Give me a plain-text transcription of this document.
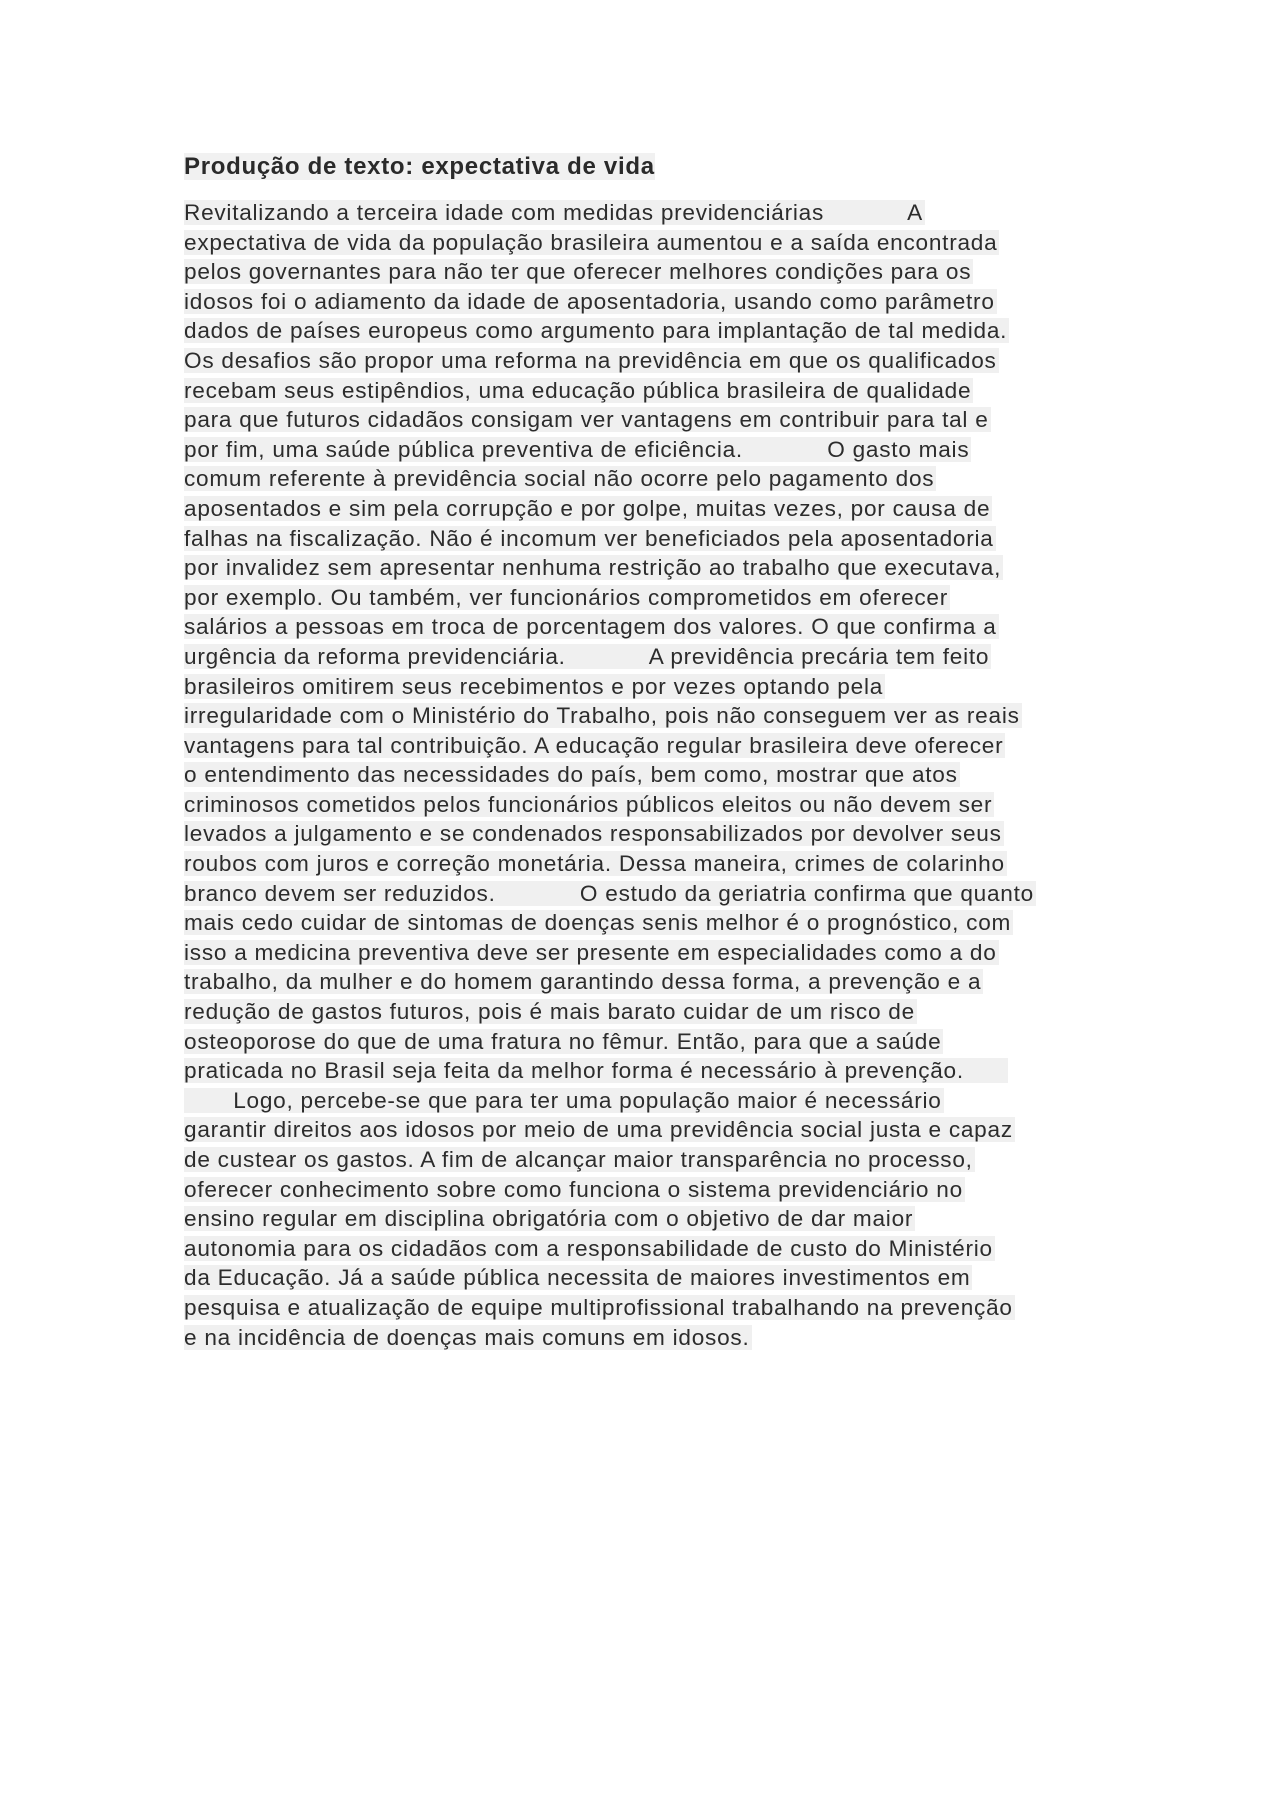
Produção de texto: expectativa de vida
Revitalizando a terceira idade com medidas previdenciárias            A
expectativa de vida da população brasileira aumentou e a saída encontrada
pelos governantes para não ter que oferecer melhores condições para os
idosos foi o adiamento da idade de aposentadoria, usando como parâmetro
dados de países europeus como argumento para implantação de tal medida.
Os desafios são propor uma reforma na previdência em que os qualificados
recebam seus estipêndios, uma educação pública brasileira de qualidade
para que futuros cidadãos consigam ver vantagens em contribuir para tal e
por fim, uma saúde pública preventiva de eficiência.            O gasto mais
comum referente à previdência social não ocorre pelo pagamento dos
aposentados e sim pela corrupção e por golpe, muitas vezes, por causa de
falhas na fiscalização. Não é incomum ver beneficiados pela aposentadoria
por invalidez sem apresentar nenhuma restrição ao trabalho que executava,
por exemplo. Ou também, ver funcionários comprometidos em oferecer
salários a pessoas em troca de porcentagem dos valores. O que confirma a
urgência da reforma previdenciária.            A previdência precária tem feito
brasileiros omitirem seus recebimentos e por vezes optando pela
irregularidade com o Ministério do Trabalho, pois não conseguem ver as reais
vantagens para tal contribuição. A educação regular brasileira deve oferecer
o entendimento das necessidades do país, bem como, mostrar que atos
criminosos cometidos pelos funcionários públicos eleitos ou não devem ser
levados a julgamento e se condenados responsabilizados por devolver seus
roubos com juros e correção monetária. Dessa maneira, crimes de colarinho
branco devem ser reduzidos.            O estudo da geriatria confirma que quanto
mais cedo cuidar de sintomas de doenças senis melhor é o prognóstico, com
isso a medicina preventiva deve ser presente em especialidades como a do
trabalho, da mulher e do homem garantindo dessa forma, a prevenção e a
redução de gastos futuros, pois é mais barato cuidar de um risco de
osteoporose do que de uma fratura no fêmur. Então, para que a saúde
praticada no Brasil seja feita da melhor forma é necessário à prevenção.
Logo, percebe-se que para ter uma população maior é necessário
garantir direitos aos idosos por meio de uma previdência social justa e capaz
de custear os gastos. A fim de alcançar maior transparência no processo,
oferecer conhecimento sobre como funciona o sistema previdenciário no
ensino regular em disciplina obrigatória com o objetivo de dar maior
autonomia para os cidadãos com a responsabilidade de custo do Ministério
da Educação. Já a saúde pública necessita de maiores investimentos em
pesquisa e atualização de equipe multiprofissional trabalhando na prevenção
e na incidência de doenças mais comuns em idosos.
